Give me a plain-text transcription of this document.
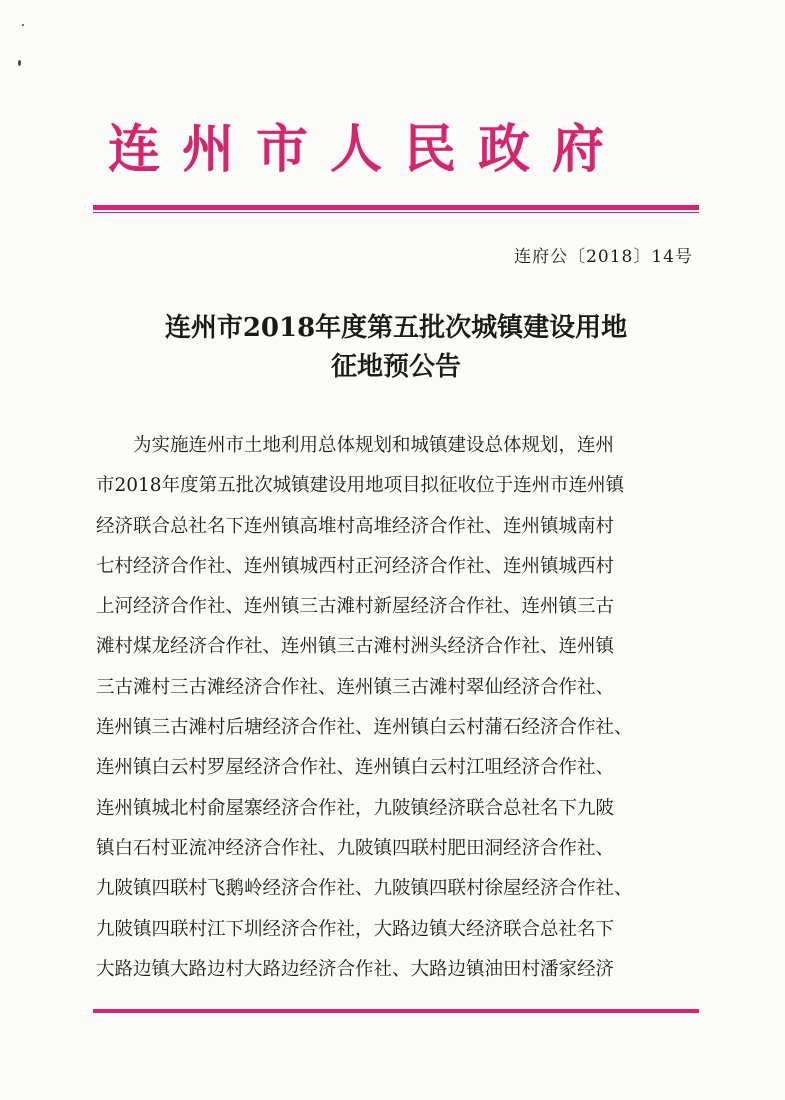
连州市人民政府
连府公〔2018〕14号
连州市2018年度第五批次城镇建设用地
征地预公告
为实施连州市土地利用总体规划和城镇建设总体规划，连州
市2018年度第五批次城镇建设用地项目拟征收位于连州市连州镇
经济联合总社名下连州镇高堆村高堆经济合作社、连州镇城南村
七村经济合作社、连州镇城西村正河经济合作社、连州镇城西村
上河经济合作社、连州镇三古滩村新屋经济合作社、连州镇三古
滩村煤龙经济合作社、连州镇三古滩村洲头经济合作社、连州镇
三古滩村三古滩经济合作社、连州镇三古滩村翠仙经济合作社、
连州镇三古滩村后塘经济合作社、连州镇白云村蒲石经济合作社、
连州镇白云村罗屋经济合作社、连州镇白云村江咀经济合作社、
连州镇城北村俞屋寨经济合作社，九陂镇经济联合总社名下九陂
镇白石村亚流冲经济合作社、九陂镇四联村肥田洞经济合作社、
九陂镇四联村飞鹅岭经济合作社、九陂镇四联村徐屋经济合作社、
九陂镇四联村江下圳经济合作社，大路边镇大经济联合总社名下
大路边镇大路边村大路边经济合作社、大路边镇油田村潘家经济
